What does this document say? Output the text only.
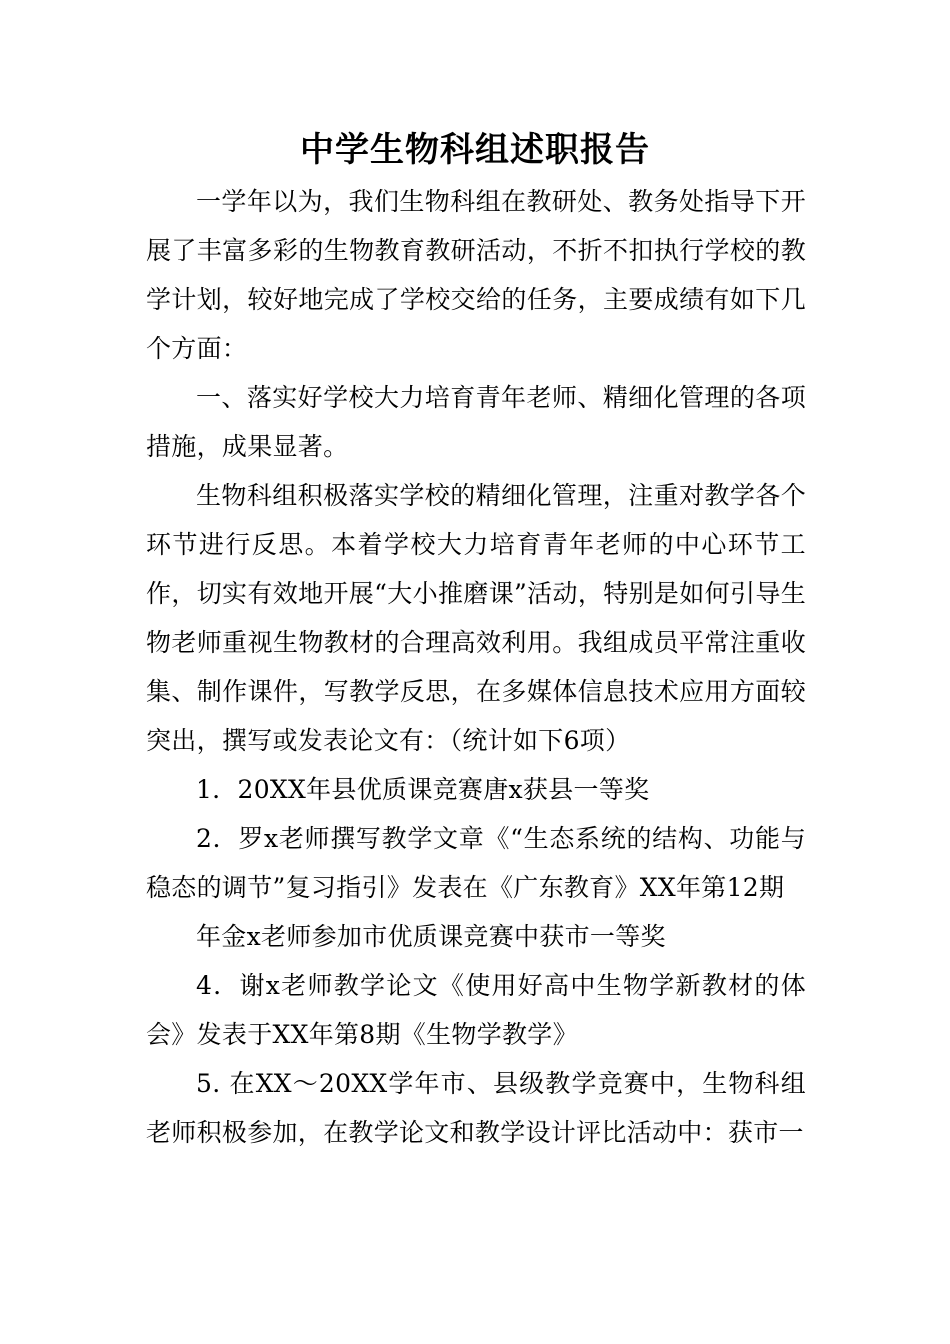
中学生物科组述职报告

一学年以为，我们生物科组在教研处、教务处指导下开展了丰富多彩的生物教育教研活动，不折不扣执行学校的教学计划，较好地完成了学校交给的任务，主要成绩有如下几个方面：

一、落实好学校大力培育青年老师、精细化管理的各项措施，成果显著。

生物科组积极落实学校的精细化管理，注重对教学各个环节进行反思。本着学校大力培育青年老师的中心环节工作，切实有效地开展“大小推磨课”活动，特别是如何引导生物老师重视生物教材的合理高效利用。我组成员平常注重收集、制作课件，写教学反思，在多媒体信息技术应用方面较突出，撰写或发表论文有：（统计如下6项）

1．20XX年县优质课竞赛唐x获县一等奖

2．罗x老师撰写教学文章《“生态系统的结构、功能与稳态的调节”复习指引》发表在《广东教育》XX年第12期

年金x老师参加市优质课竞赛中获市一等奖

4．谢x老师教学论文《使用好高中生物学新教材的体会》发表于XX年第8期《生物学教学》

5. 在XX～20XX学年市、县级教学竞赛中，生物科组老师积极参加，在教学论文和教学设计评比活动中：获市一
